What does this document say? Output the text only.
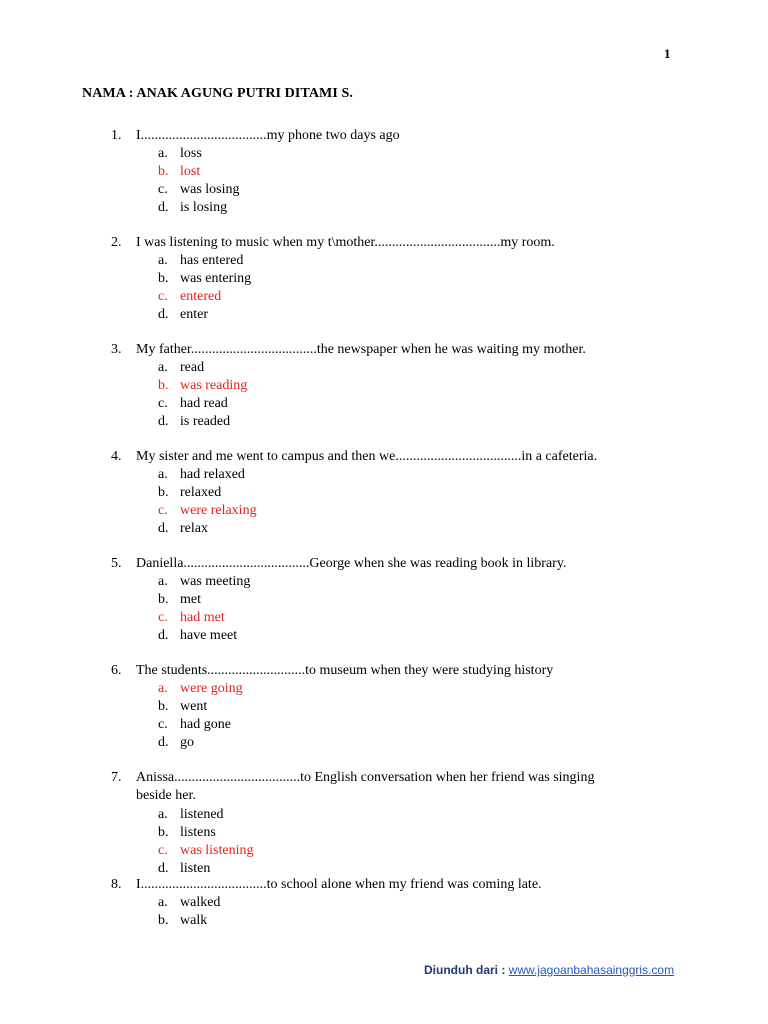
1
NAMA : ANAK AGUNG PUTRI DITAMI S.
1. I....................................my phone two days ago
a. loss
b. lost
c. was losing
d. is losing
2. I was listening to music when my t\mother....................................my room.
a. has entered
b. was entering
c. entered
d. enter
3. My father....................................the newspaper when he was waiting my mother.
a. read
b. was reading
c. had read
d. is readed
4. My sister and me went to campus and then we....................................in a cafeteria.
a. had relaxed
b. relaxed
c. were relaxing
d. relax
5. Daniella....................................George when she was reading book in library.
a. was meeting
b. met
c. had met
d. have meet
6. The students............................to museum when they were studying history
a. were going
b. went
c. had gone
d. go
7. Anissa....................................to English conversation when her friend was singing
beside her.
a. listened
b. listens
c. was listening
d. listen
8. I....................................to school alone when my friend was coming late.
a. walked
b. walk
Diunduh dari : www.jagoanbahasainggris.com
